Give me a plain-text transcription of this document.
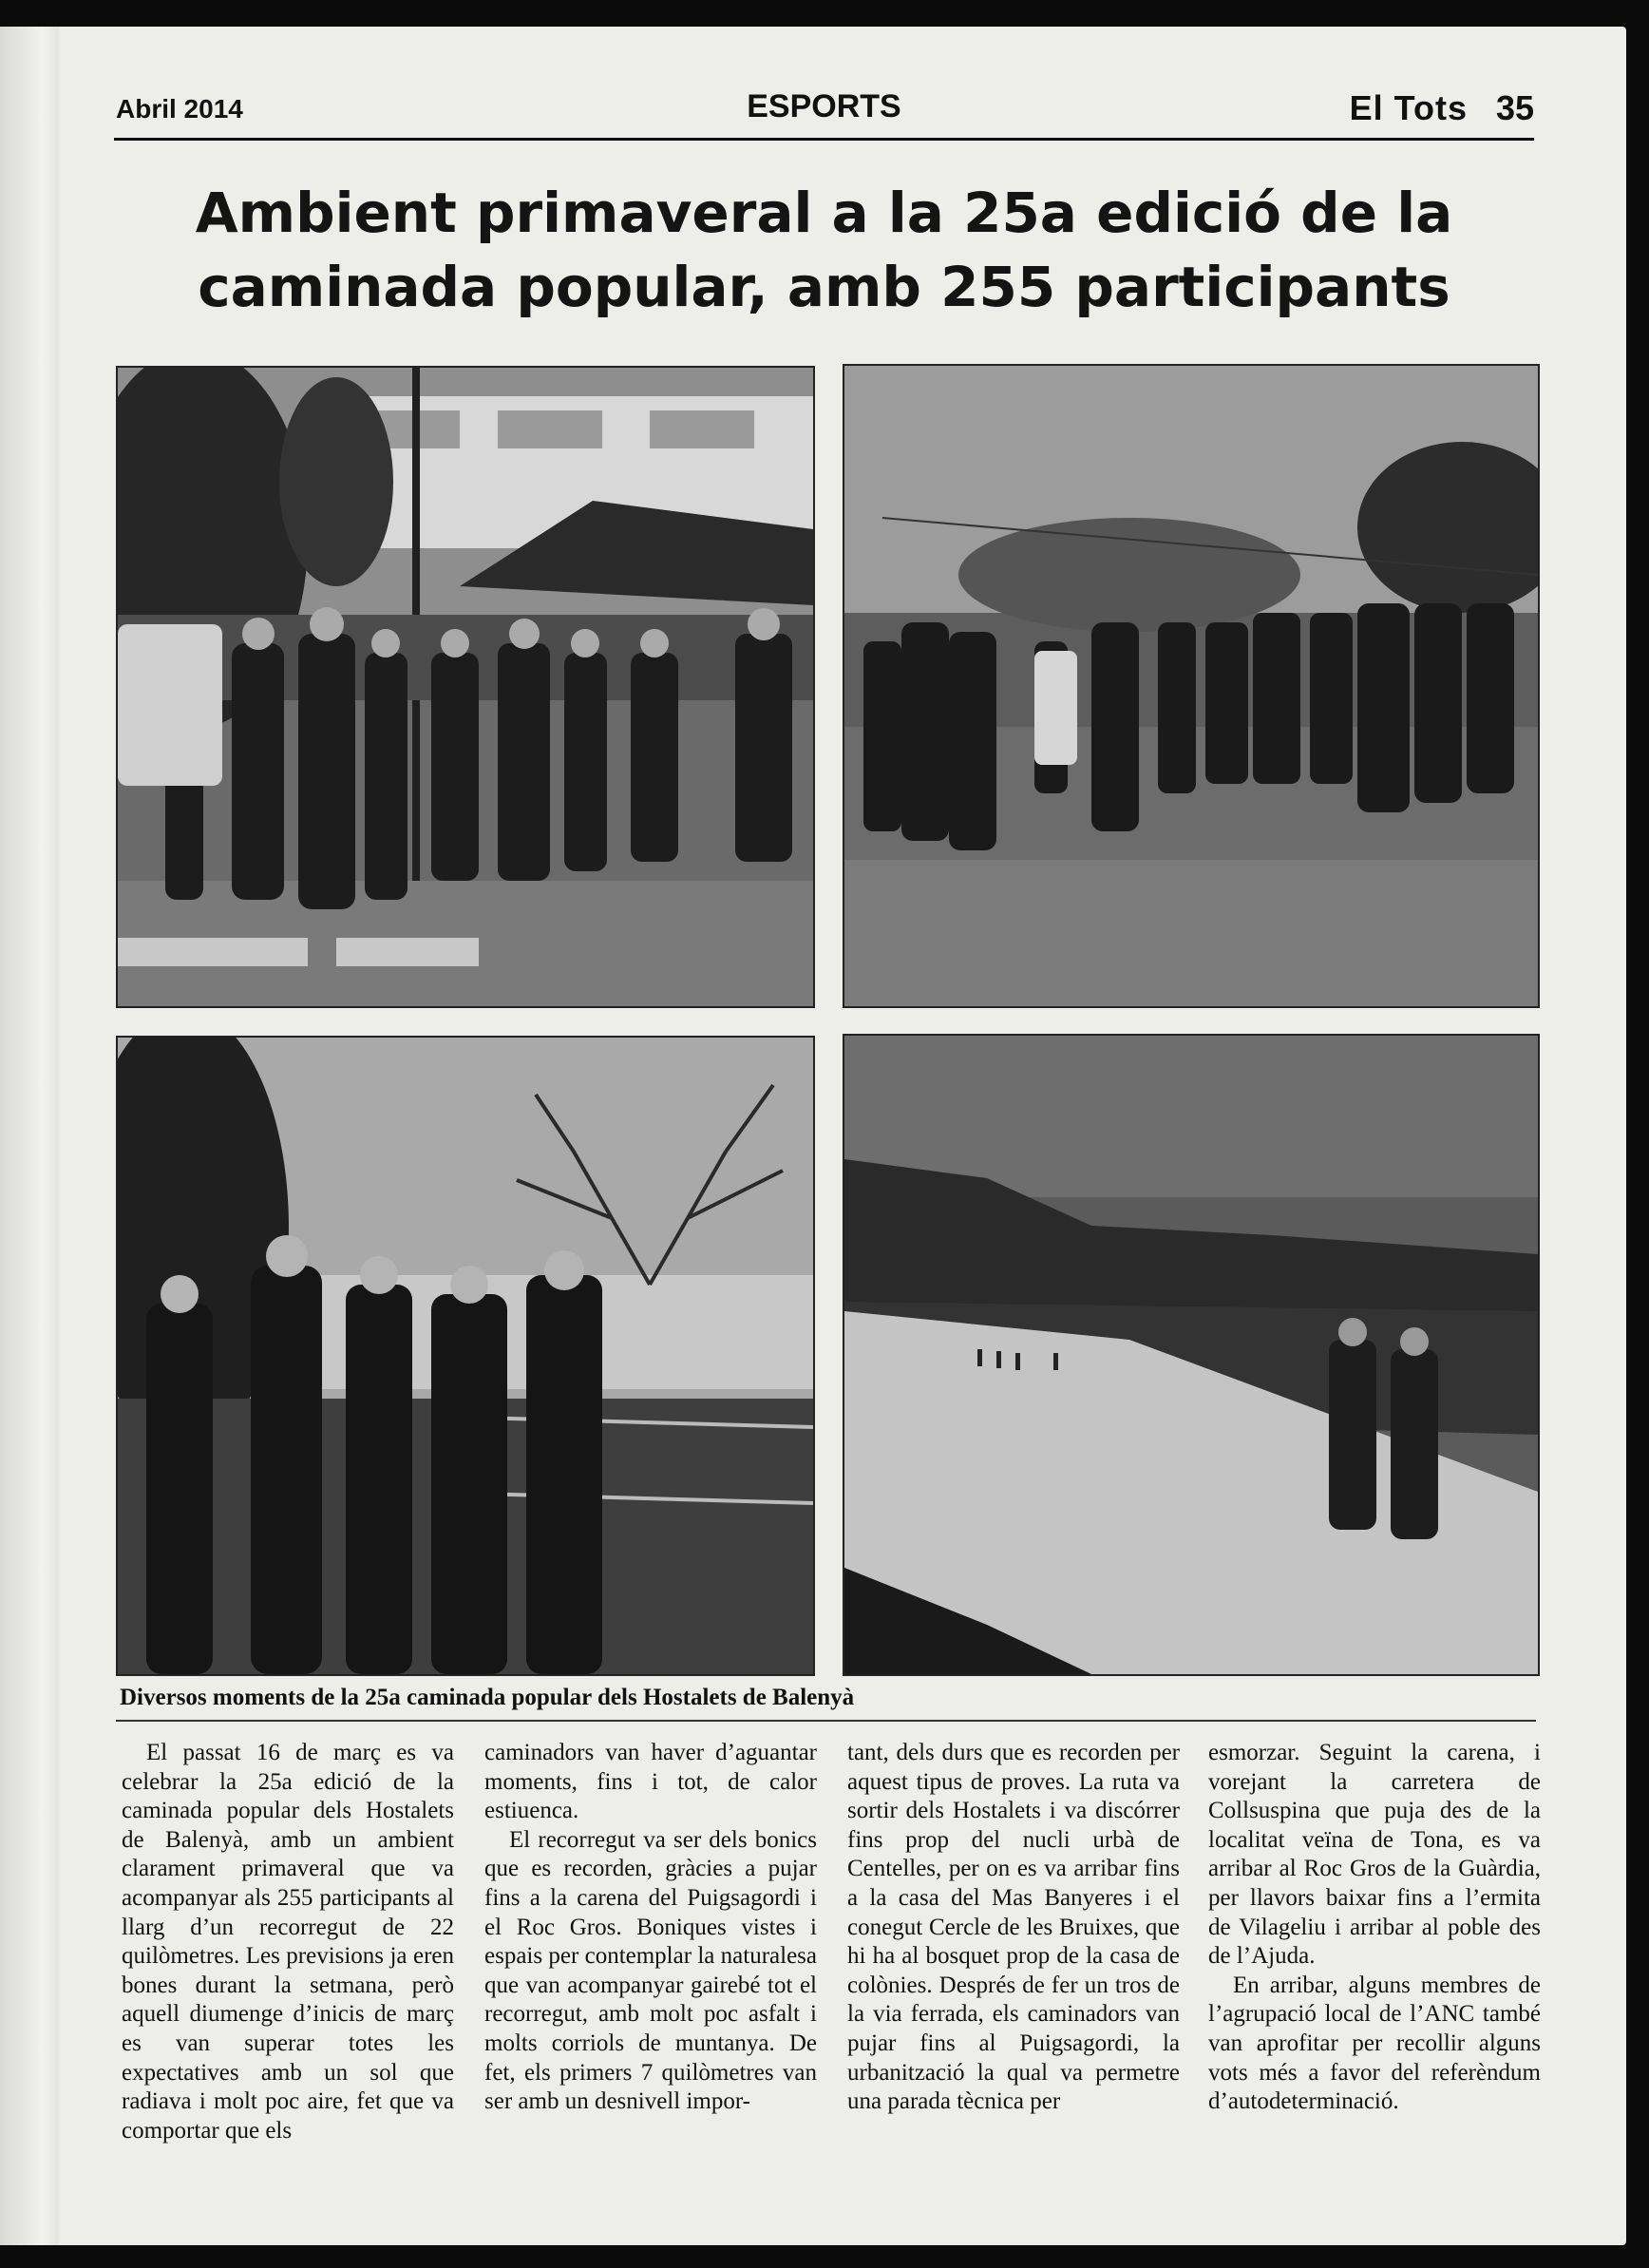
Abril 2014	ESPORTS	El Tots 35
Ambient primaveral a la 25a edició de la
caminada popular, amb 255 participants
Diversos moments de la 25a caminada popular dels Hostalets de Balenyà

El passat 16 de març es va celebrar la 25a edició de la caminada popular dels Hostalets de Balenyà, amb un ambient clarament primaveral que va acompanyar als 255 participants al llarg d’un recorregut de 22 quilòmetres. Les previsions ja eren bones durant la setmana, però aquell diumenge d’inicis de març es van superar totes les expectatives amb un sol que radiava i molt poc aire, fet que va comportar que els

caminadors van haver d’aguantar moments, fins i tot, de calor estiuenca.

El recorregut va ser dels bonics que es recorden, gràcies a pujar fins a la carena del Puigsagordi i el Roc Gros. Boniques vistes i espais per contemplar la naturalesa que van acompanyar gairebé tot el recorregut, amb molt poc asfalt i molts corriols de muntanya. De fet, els primers 7 quilòmetres van ser amb un desnivell impor-

tant, dels durs que es recorden per aquest tipus de proves. La ruta va sortir dels Hostalets i va discórrer fins prop del nucli urbà de Centelles, per on es va arribar fins a la casa del Mas Banyeres i el conegut Cercle de les Bruixes, que hi ha al bosquet prop de la casa de colònies. Després de fer un tros de la via ferrada, els caminadors van pujar fins al Puigsagordi, la urbanització la qual va permetre una parada tècnica per

esmorzar. Seguint la carena, i vorejant la carretera de Collsuspina que puja des de la localitat veïna de Tona, es va arribar al Roc Gros de la Guàrdia, per llavors baixar fins a l’ermita de Vilageliu i arribar al poble des de l’Ajuda.

En arribar, alguns membres de l’agrupació local de l’ANC també van aprofitar per recollir alguns vots més a favor del referèndum d’autodeterminació.
